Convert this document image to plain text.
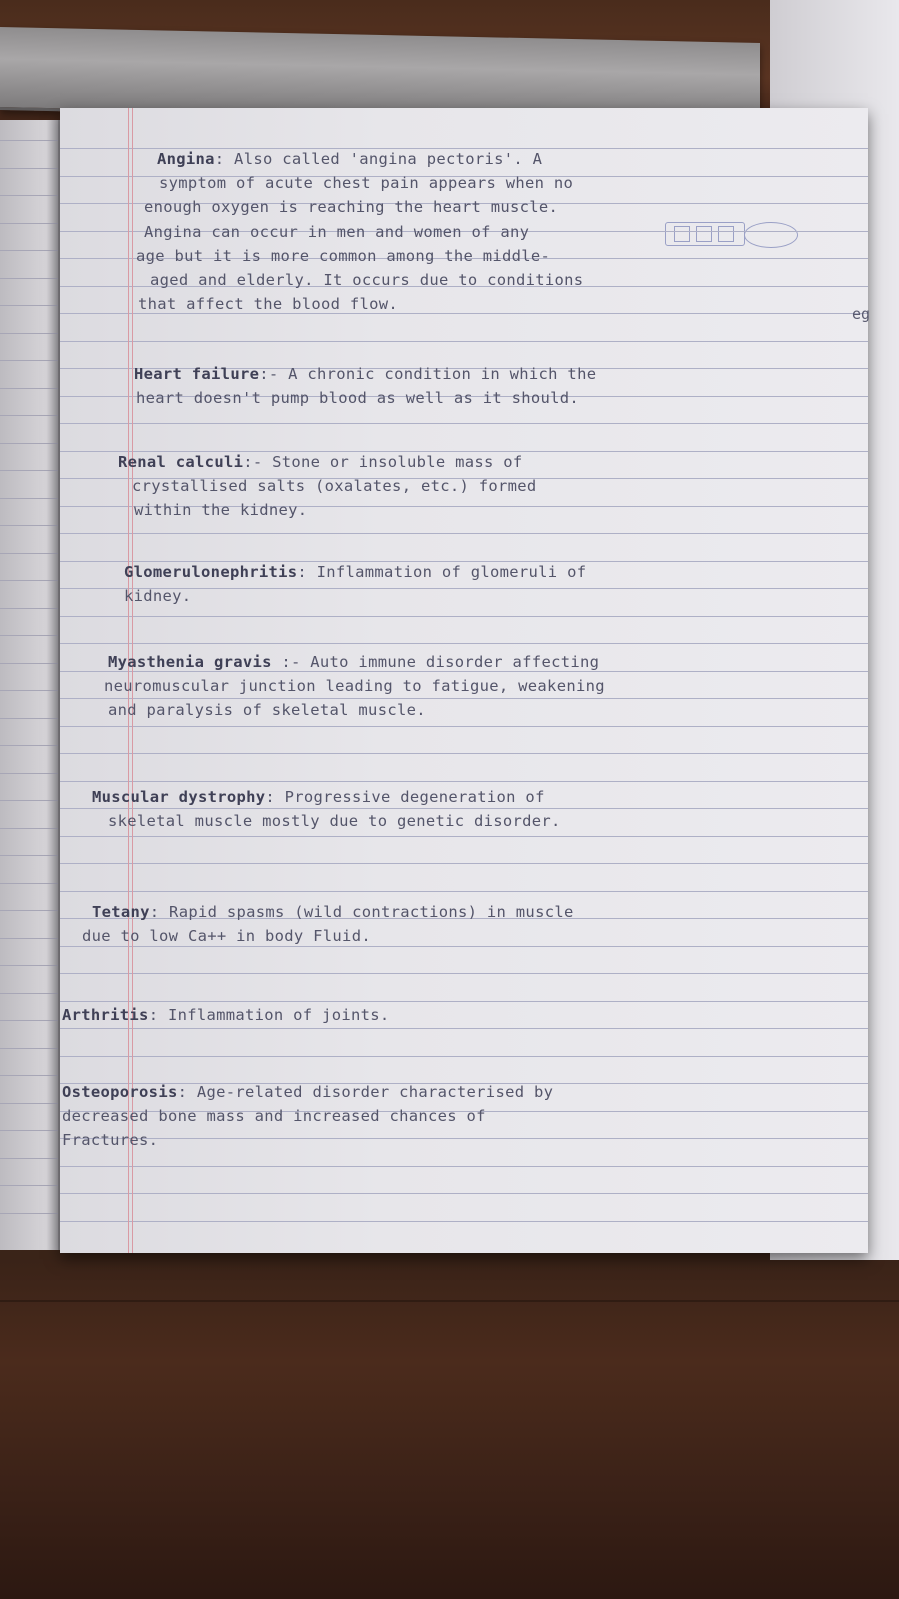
Angina: Also called 'angina pectoris'. A
symptom of acute chest pain appears when no
enough oxygen is reaching the heart muscle.
Angina can occur in men and women of any
age but it is more common among the middle-
aged and elderly. It occurs due to conditions
that affect the blood flow.
Heart failure:- A chronic condition in which the
heart doesn't pump blood as well as it should.
Renal calculi:- Stone or insoluble mass of
crystallised salts (oxalates, etc.) formed
within the kidney.
Glomerulonephritis: Inflammation of glomeruli of
kidney.
Myasthenia gravis :- Auto immune disorder affecting
neuromuscular junction leading to fatigue, weakening
and paralysis of skeletal muscle.
Muscular dystrophy: Progressive degeneration of
skeletal muscle mostly due to genetic disorder.
Tetany: Rapid spasms (wild contractions) in muscle
due to low Ca++ in body Fluid.
Arthritis: Inflammation of joints.
Osteoporosis: Age-related disorder characterised by
decreased bone mass and increased chances of
Fractures.
eg
